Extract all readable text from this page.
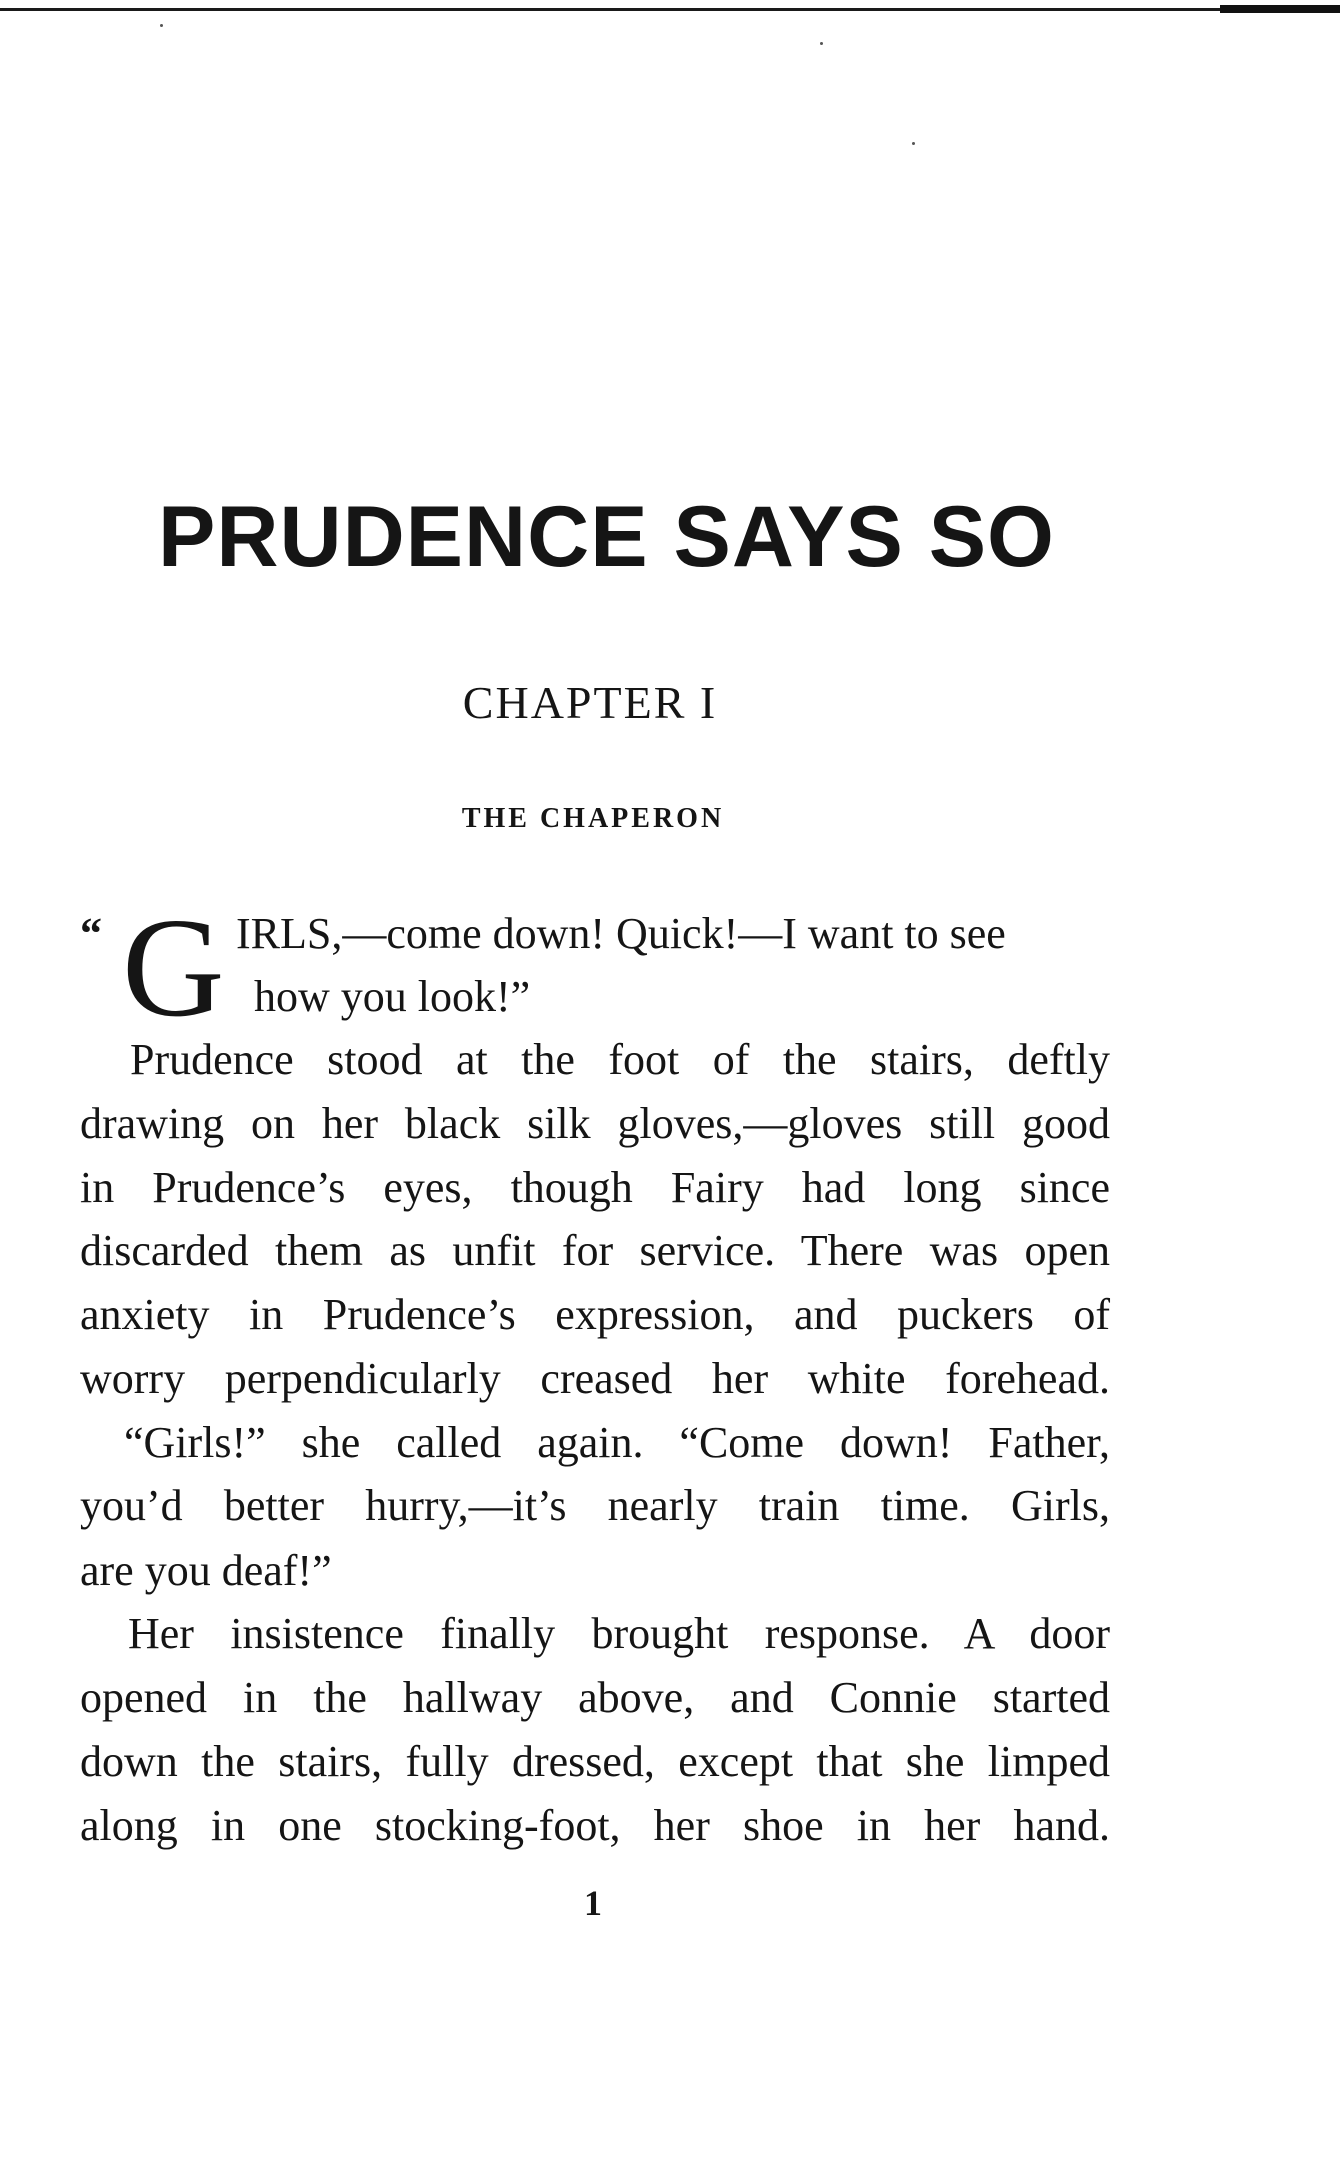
PRUDENCE SAYS SO
CHAPTER I
THE CHAPERON
“ G IRLS,—come down! Quick!—I want to see
how you look!”
Prudence stood at the foot of the stairs, deftly
drawing on her black silk gloves,—gloves still good
in Prudence’s eyes, though Fairy had long since
discarded them as unfit for service. There was open
anxiety in Prudence’s expression, and puckers of
worry perpendicularly creased her white forehead.
“Girls!” she called again. “Come down! Father,
you’d better hurry,—it’s nearly train time. Girls,
are you deaf!”
Her insistence finally brought response. A door
opened in the hallway above, and Connie started
down the stairs, fully dressed, except that she limped
along in one stocking-foot, her shoe in her hand.
1
